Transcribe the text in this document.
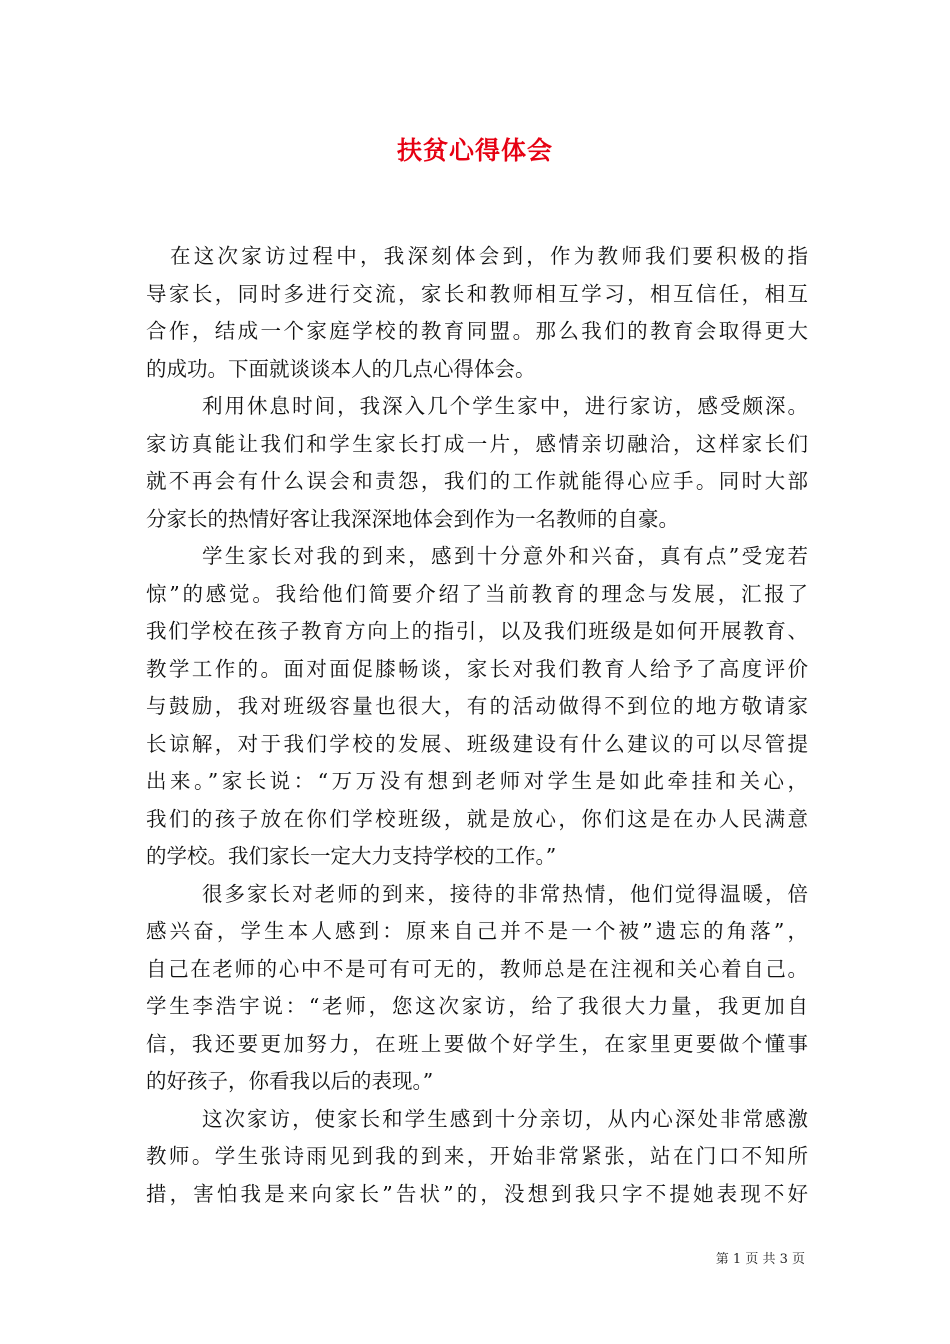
扶贫心得体会
在这次家访过程中，我深刻体会到，作为教师我们要积极的指
导家长，同时多进行交流，家长和教师相互学习，相互信任，相互
合作，结成一个家庭学校的教育同盟。那么我们的教育会取得更大
的成功。下面就谈谈本人的几点心得体会。
利用休息时间，我深入几个学生家中，进行家访，感受颇深。
家访真能让我们和学生家长打成一片，感情亲切融洽，这样家长们
就不再会有什么误会和责怨，我们的工作就能得心应手。同时大部
分家长的热情好客让我深深地体会到作为一名教师的自豪。
学生家长对我的到来，感到十分意外和兴奋，真有点”受宠若
惊”的感觉。我给他们简要介绍了当前教育的理念与发展，汇报了
我们学校在孩子教育方向上的指引，以及我们班级是如何开展教育、
教学工作的。面对面促膝畅谈，家长对我们教育人给予了高度评价
与鼓励，我对班级容量也很大，有的活动做得不到位的地方敬请家
长谅解，对于我们学校的发展、班级建设有什么建议的可以尽管提
出来。”家长说：“万万没有想到老师对学生是如此牵挂和关心，
我们的孩子放在你们学校班级，就是放心，你们这是在办人民满意
的学校。我们家长一定大力支持学校的工作。”
很多家长对老师的到来，接待的非常热情，他们觉得温暖，倍
感兴奋，学生本人感到：原来自己并不是一个被”遗忘的角落”，
自己在老师的心中不是可有可无的，教师总是在注视和关心着自己。
学生李浩宇说：“老师，您这次家访，给了我很大力量，我更加自
信，我还要更加努力，在班上要做个好学生，在家里更要做个懂事
的好孩子，你看我以后的表现。”
这次家访，使家长和学生感到十分亲切，从内心深处非常感激
教师。学生张诗雨见到我的到来，开始非常紧张，站在门口不知所
措，害怕我是来向家长”告状”的，没想到我只字不提她表现不好
第 1 页 共 3 页
